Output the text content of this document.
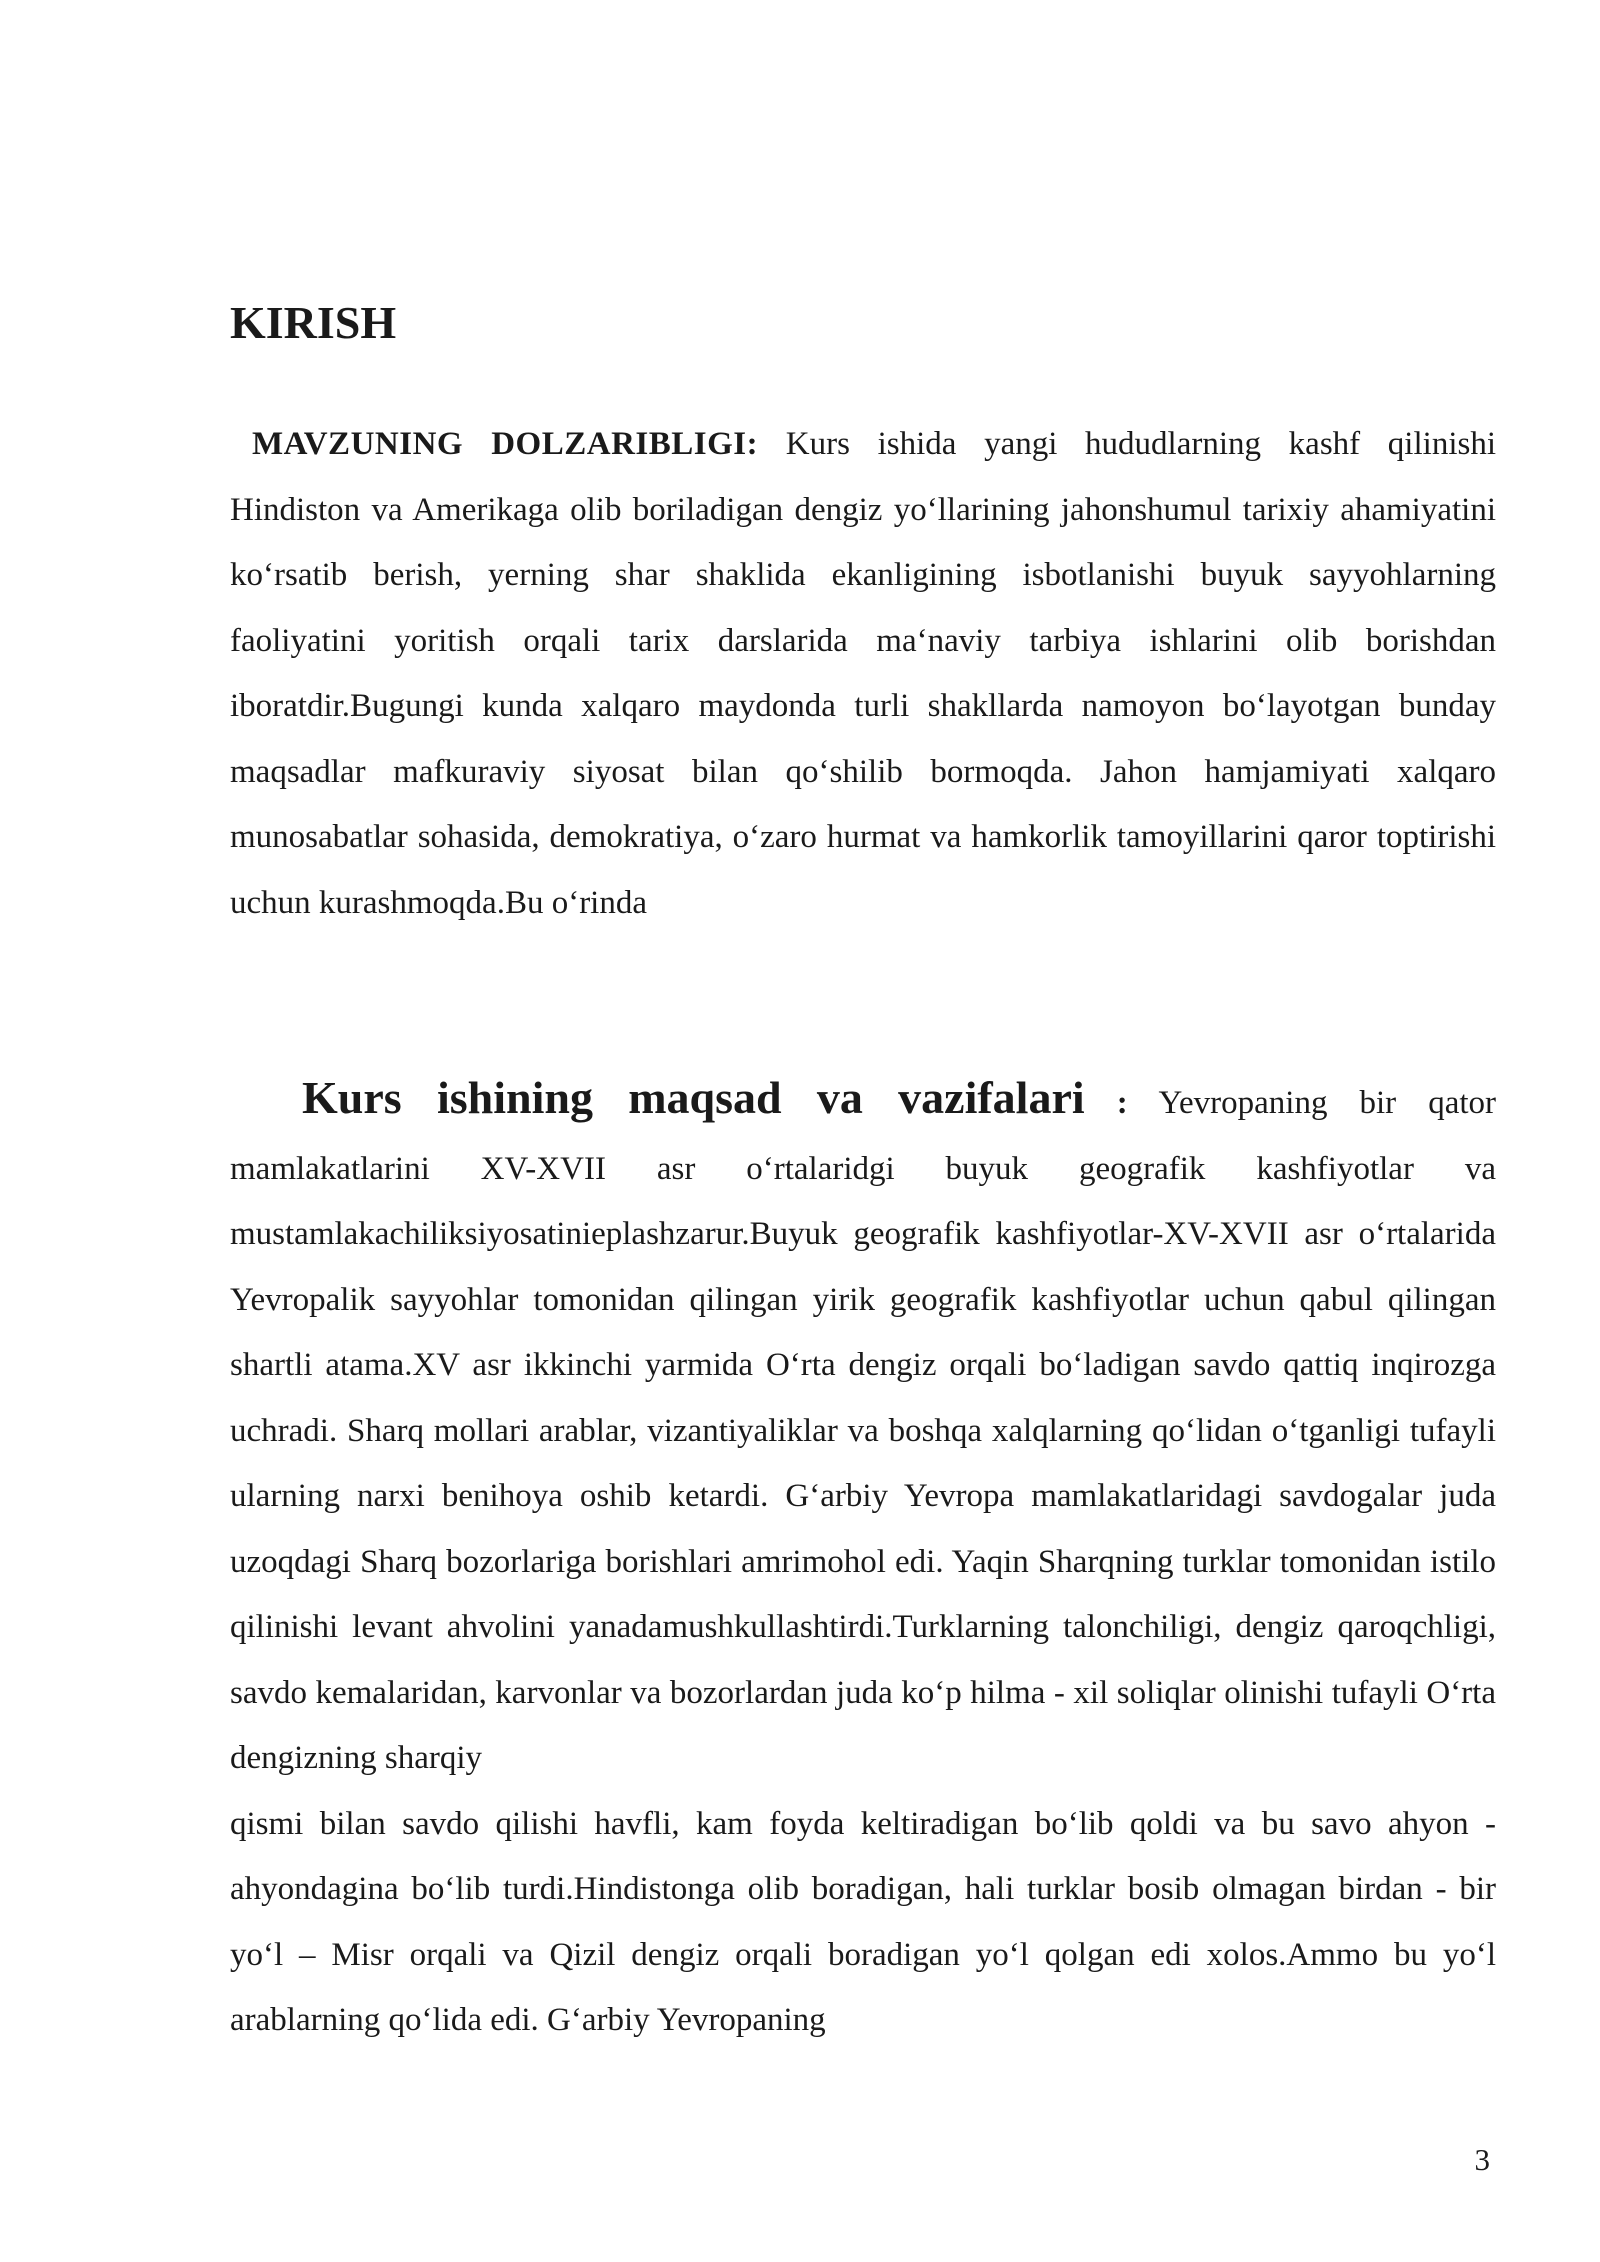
KIRISH

MAVZUNING DOLZARIBLIGI: Kurs ishida yangi hududlarning kashf qilinishi Hindiston va Amerikaga olib boriladigan dengiz yo‘llarining jahonshumul tarixiy ahamiyatini ko‘rsatib berish, yerning shar shaklida ekanligining isbotlanishi buyuk sayyohlarning faoliyatini yoritish orqali tarix darslarida ma‘naviy tarbiya ishlarini olib borishdan iboratdir.Bugungi kunda xalqaro maydonda turli shakllarda namoyon bo‘layotgan bunday maqsadlar mafkuraviy siyosat bilan qo‘shilib bormoqda. Jahon hamjamiyati xalqaro munosabatlar sohasida, demokratiya, o‘zaro hurmat va hamkorlik tamoyillarini qaror toptirishi uchun kurashmoqda.Bu o‘rinda

Kurs ishining maqsad va vazifalari : Yevropaning bir qator mamlakatlarini XV-XVII asr o‘rtalaridgi buyuk geografik kashfiyotlar va mustamlakachiliksiyosatinieplashzarur.Buyuk geografik kashfiyotlar-XV-XVII asr o‘rtalarida Yevropalik sayyohlar tomonidan qilingan yirik geografik kashfiyotlar uchun qabul qilingan shartli atama.XV asr ikkinchi yarmida O‘rta dengiz orqali bo‘ladigan savdo qattiq inqirozga uchradi. Sharq mollari arablar, vizantiyaliklar va boshqa xalqlarning qo‘lidan o‘tganligi tufayli ularning narxi benihoya oshib ketardi. G‘arbiy Yevropa mamlakatlaridagi savdogalar juda uzoqdagi Sharq bozorlariga borishlari amrimohol edi. Yaqin Sharqning turklar tomonidan istilo qilinishi levant ahvolini yanadamushkullashtirdi.Turklarning talonchiligi, dengiz qaroqchligi, savdo kemalaridan, karvonlar va bozorlardan juda ko‘p hilma - xil soliqlar olinishi tufayli O‘rta dengizning sharqiy
qismi bilan savdo qilishi havfli, kam foyda keltiradigan bo‘lib qoldi va bu savo ahyon - ahyondagina bo‘lib turdi.Hindistonga olib boradigan, hali turklar bosib olmagan birdan - bir yo‘l – Misr orqali va Qizil dengiz orqali boradigan yo‘l qolgan edi xolos.Ammo bu yo‘l arablarning qo‘lida edi. G‘arbiy Yevropaning

3
